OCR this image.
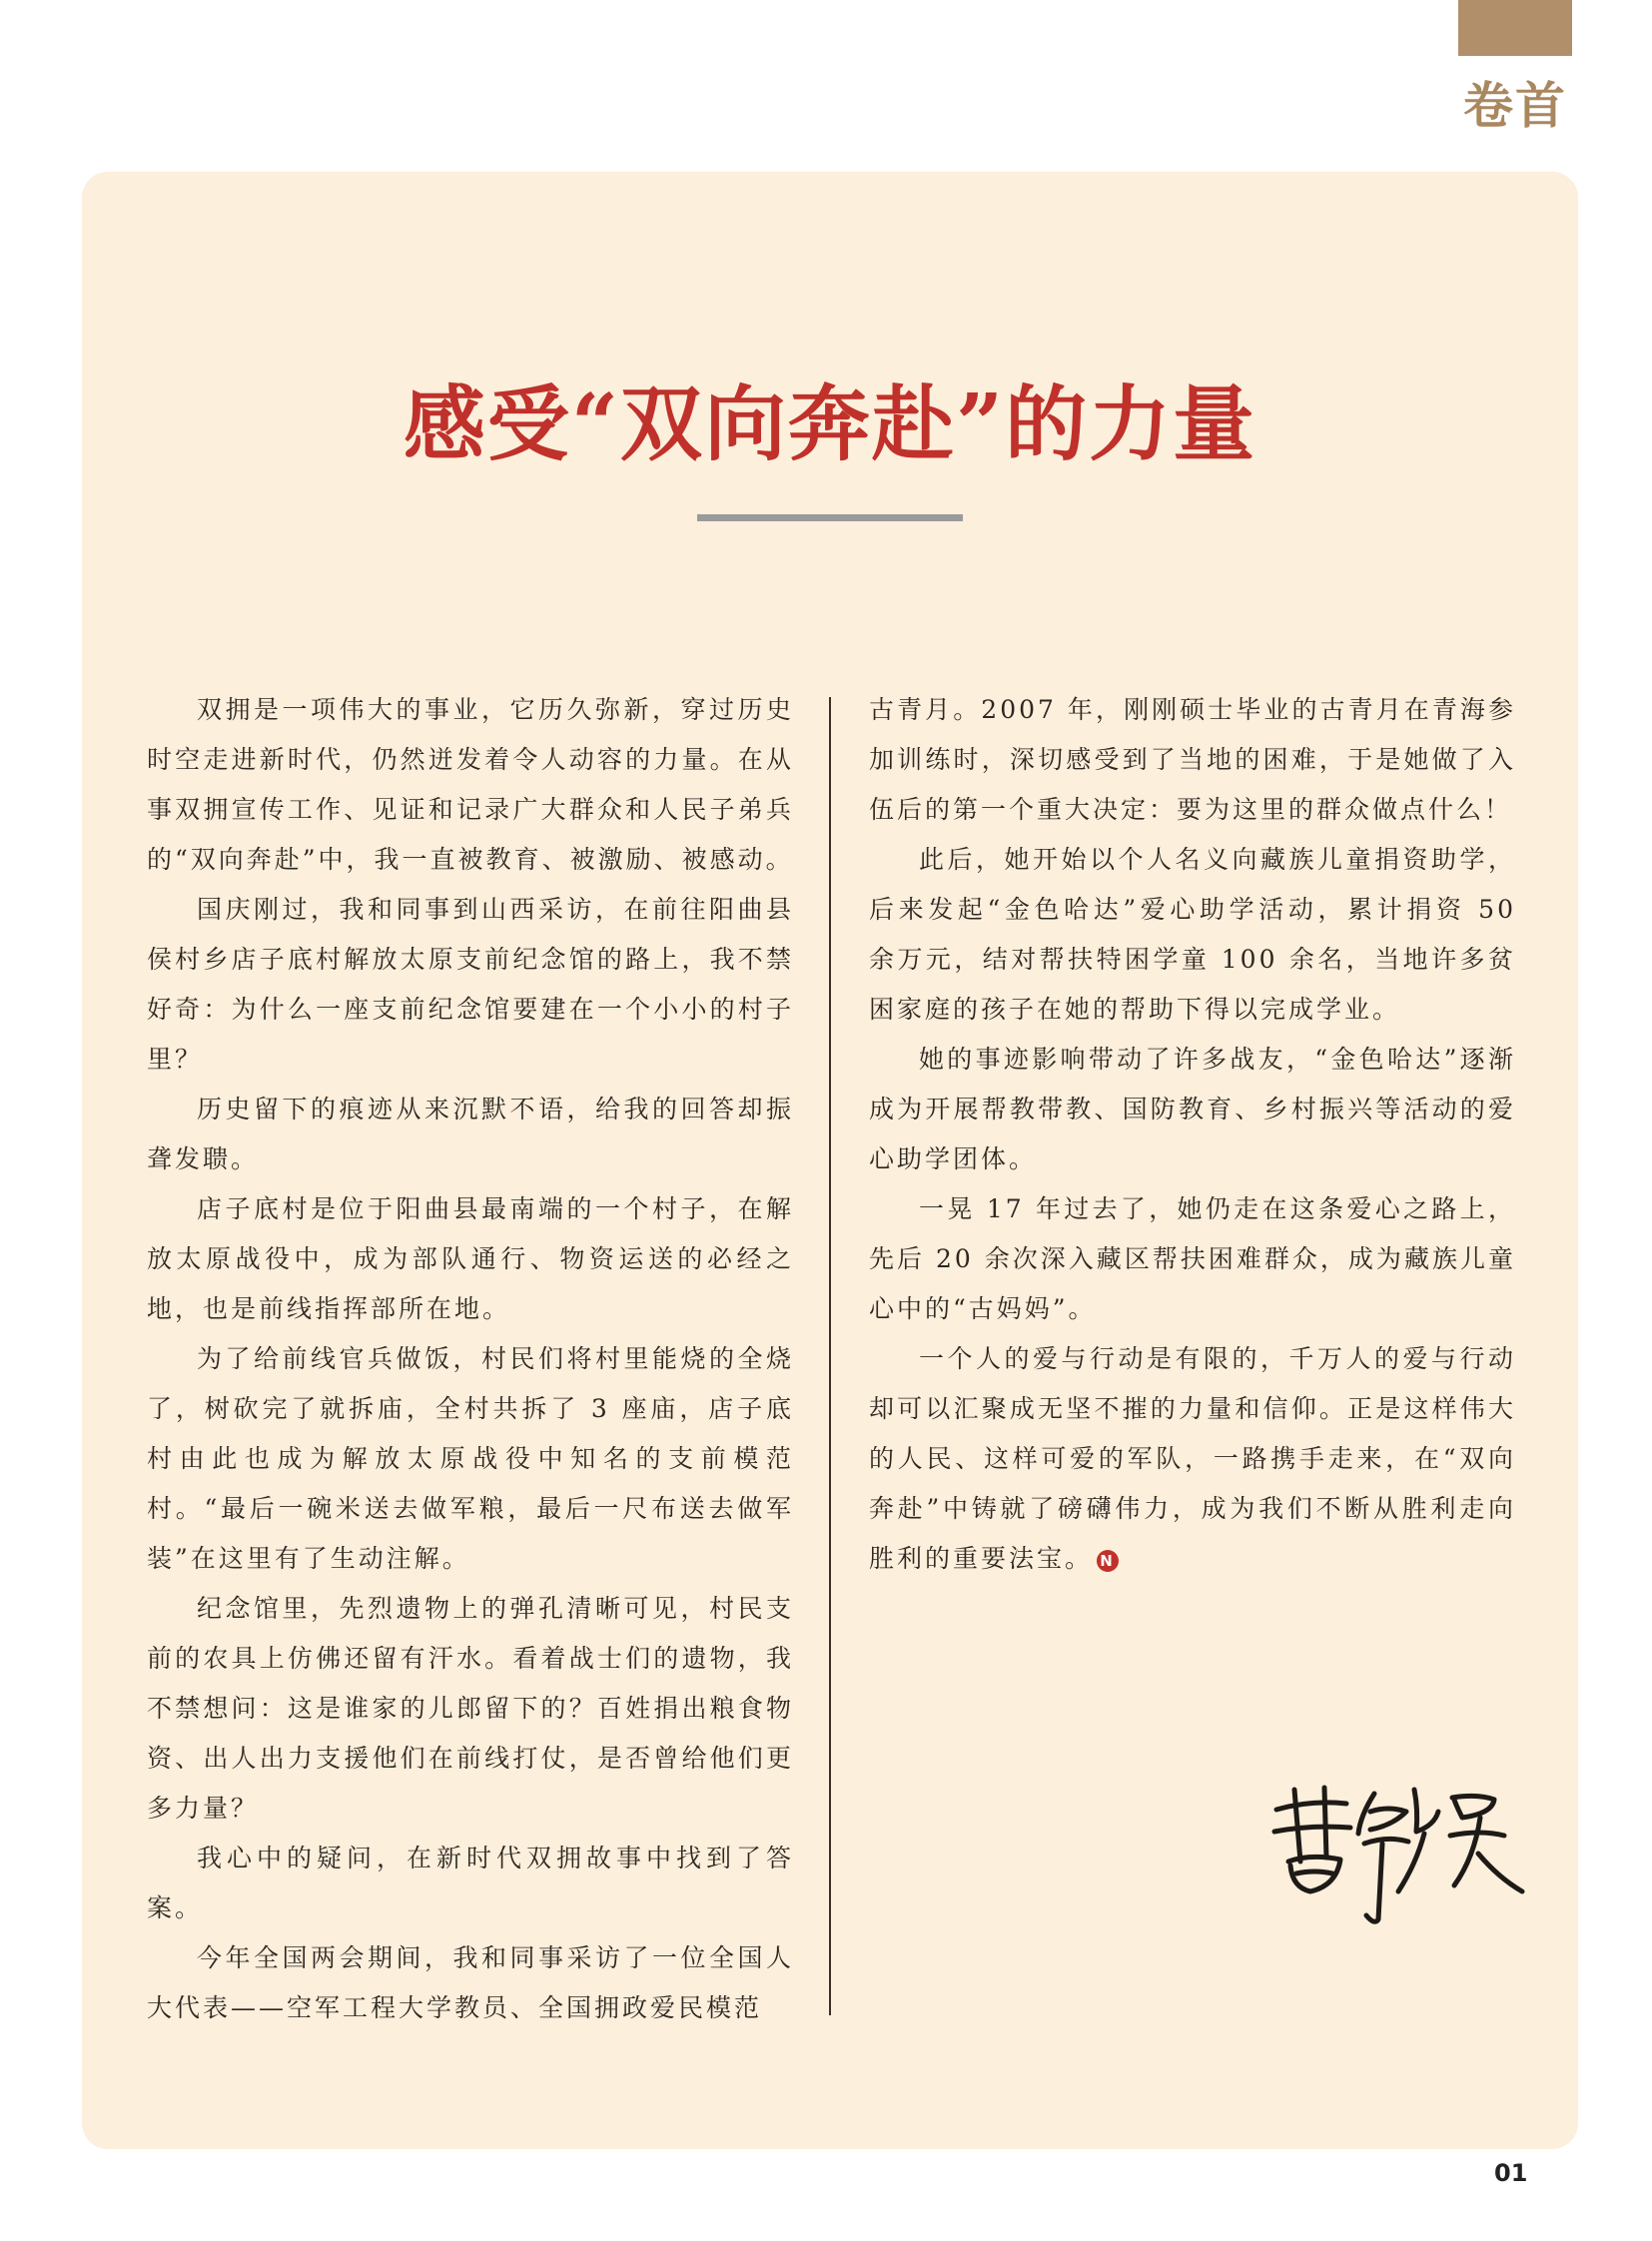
卷首
感受“双向奔赴”的力量

双拥是一项伟大的事业，它历久弥新，穿过历史时空走进新时代，仍然迸发着令人动容的力量。在从事双拥宣传工作、见证和记录广大群众和人民子弟兵的“双向奔赴”中，我一直被教育、被激励、被感动。

国庆刚过，我和同事到山西采访，在前往阳曲县侯村乡店子底村解放太原支前纪念馆的路上，我不禁好奇：为什么一座支前纪念馆要建在一个小小的村子里？

历史留下的痕迹从来沉默不语，给我的回答却振聋发聩。

店子底村是位于阳曲县最南端的一个村子，在解放太原战役中，成为部队通行、物资运送的必经之地，也是前线指挥部所在地。

为了给前线官兵做饭，村民们将村里能烧的全烧了，树砍完了就拆庙，全村共拆了 3 座庙，店子底村由此也成为解放太原战役中知名的支前模范村。“最后一碗米送去做军粮，最后一尺布送去做军装”在这里有了生动注解。

纪念馆里，先烈遗物上的弹孔清晰可见，村民支前的农具上仿佛还留有汗水。看着战士们的遗物，我不禁想问：这是谁家的儿郎留下的？百姓捐出粮食物资、出人出力支援他们在前线打仗，是否曾给他们更多力量？

我心中的疑问，在新时代双拥故事中找到了答案。

今年全国两会期间，我和同事采访了一位全国人大代表——空军工程大学教员、全国拥政爱民模范

古青月。2007 年，刚刚硕士毕业的古青月在青海参加训练时，深切感受到了当地的困难，于是她做了入伍后的第一个重大决定：要为这里的群众做点什么！

此后，她开始以个人名义向藏族儿童捐资助学，后来发起“金色哈达”爱心助学活动，累计捐资 50 余万元，结对帮扶特困学童 100 余名，当地许多贫困家庭的孩子在她的帮助下得以完成学业。

她的事迹影响带动了许多战友，“金色哈达”逐渐成为开展帮教带教、国防教育、乡村振兴等活动的爱心助学团体。

一晃 17 年过去了，她仍走在这条爱心之路上，先后 20 余次深入藏区帮扶困难群众，成为藏族儿童心中的“古妈妈”。

一个人的爱与行动是有限的，千万人的爱与行动却可以汇聚成无坚不摧的力量和信仰。正是这样伟大的人民、这样可爱的军队，一路携手走来，在“双向奔赴”中铸就了磅礴伟力，成为我们不断从胜利走向胜利的重要法宝。 N

01
